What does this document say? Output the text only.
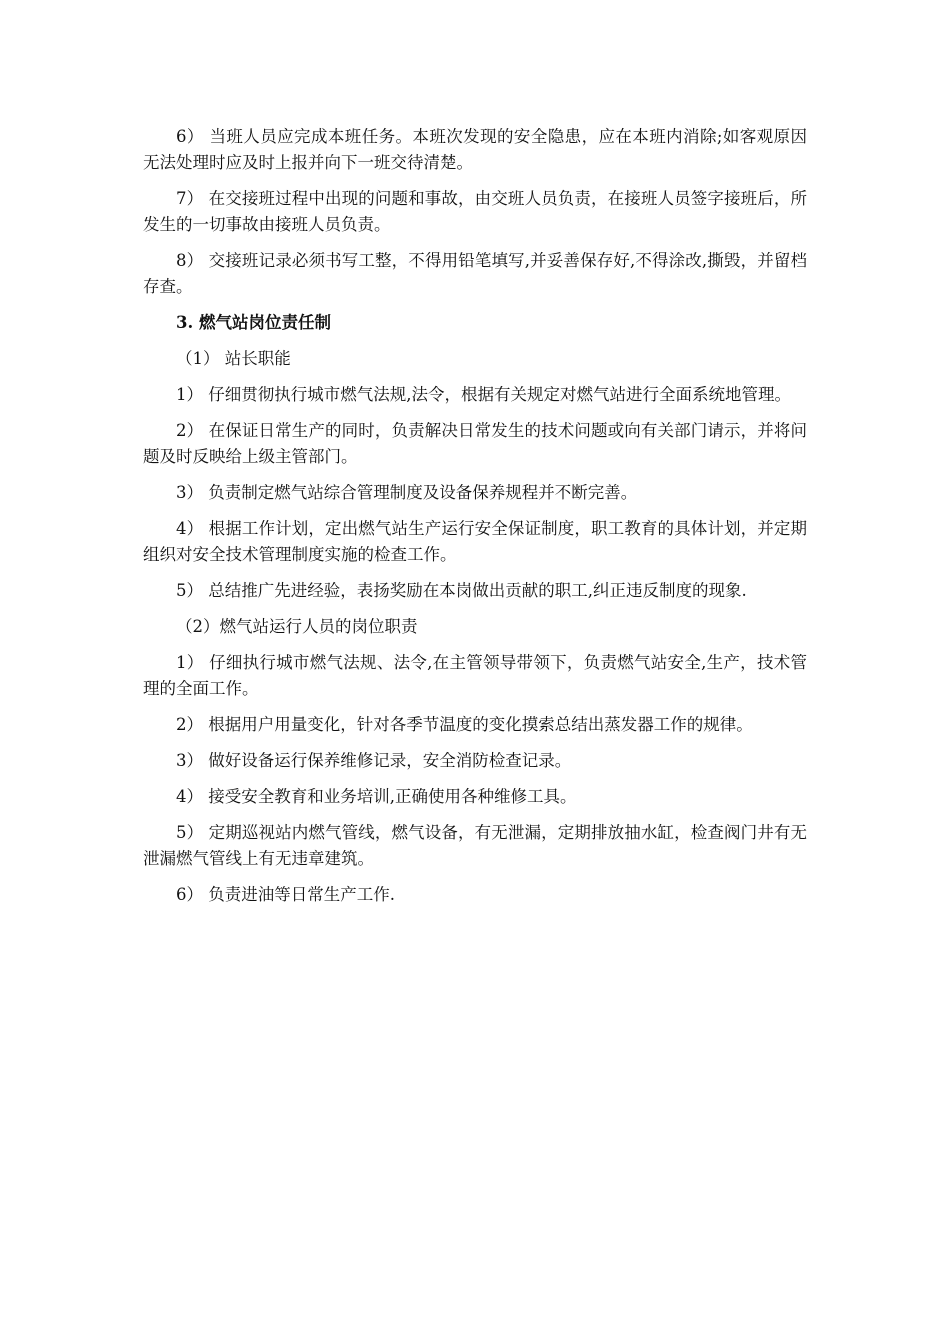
6） 当班人员应完成本班任务。本班次发现的安全隐患，应在本班内消除;如客观原因无法处理时应及时上报并向下一班交待清楚。

7） 在交接班过程中出现的问题和事故，由交班人员负责，在接班人员签字接班后，所发生的一切事故由接班人员负责。

8） 交接班记录必须书写工整，不得用铅笔填写,并妥善保存好,不得涂改,撕毁，并留档存查。

3. 燃气站岗位责任制

（1） 站长职能

1） 仔细贯彻执行城市燃气法规,法令，根据有关规定对燃气站进行全面系统地管理。

2） 在保证日常生产的同时，负责解决日常发生的技术问题或向有关部门请示，并将问题及时反映给上级主管部门。

3） 负责制定燃气站综合管理制度及设备保养规程并不断完善。

4） 根据工作计划，定出燃气站生产运行安全保证制度，职工教育的具体计划，并定期组织对安全技术管理制度实施的检查工作。

5） 总结推广先进经验，表扬奖励在本岗做出贡献的职工,纠正违反制度的现象.

（2）燃气站运行人员的岗位职责

1） 仔细执行城市燃气法规、法令,在主管领导带领下，负责燃气站安全,生产，技术管理的全面工作。

2） 根据用户用量变化，针对各季节温度的变化摸索总结出蒸发器工作的规律。

3） 做好设备运行保养维修记录，安全消防检查记录。

4） 接受安全教育和业务培训,正确使用各种维修工具。

5） 定期巡视站内燃气管线，燃气设备，有无泄漏，定期排放抽水缸，检查阀门井有无泄漏燃气管线上有无违章建筑。

6） 负责进油等日常生产工作.
